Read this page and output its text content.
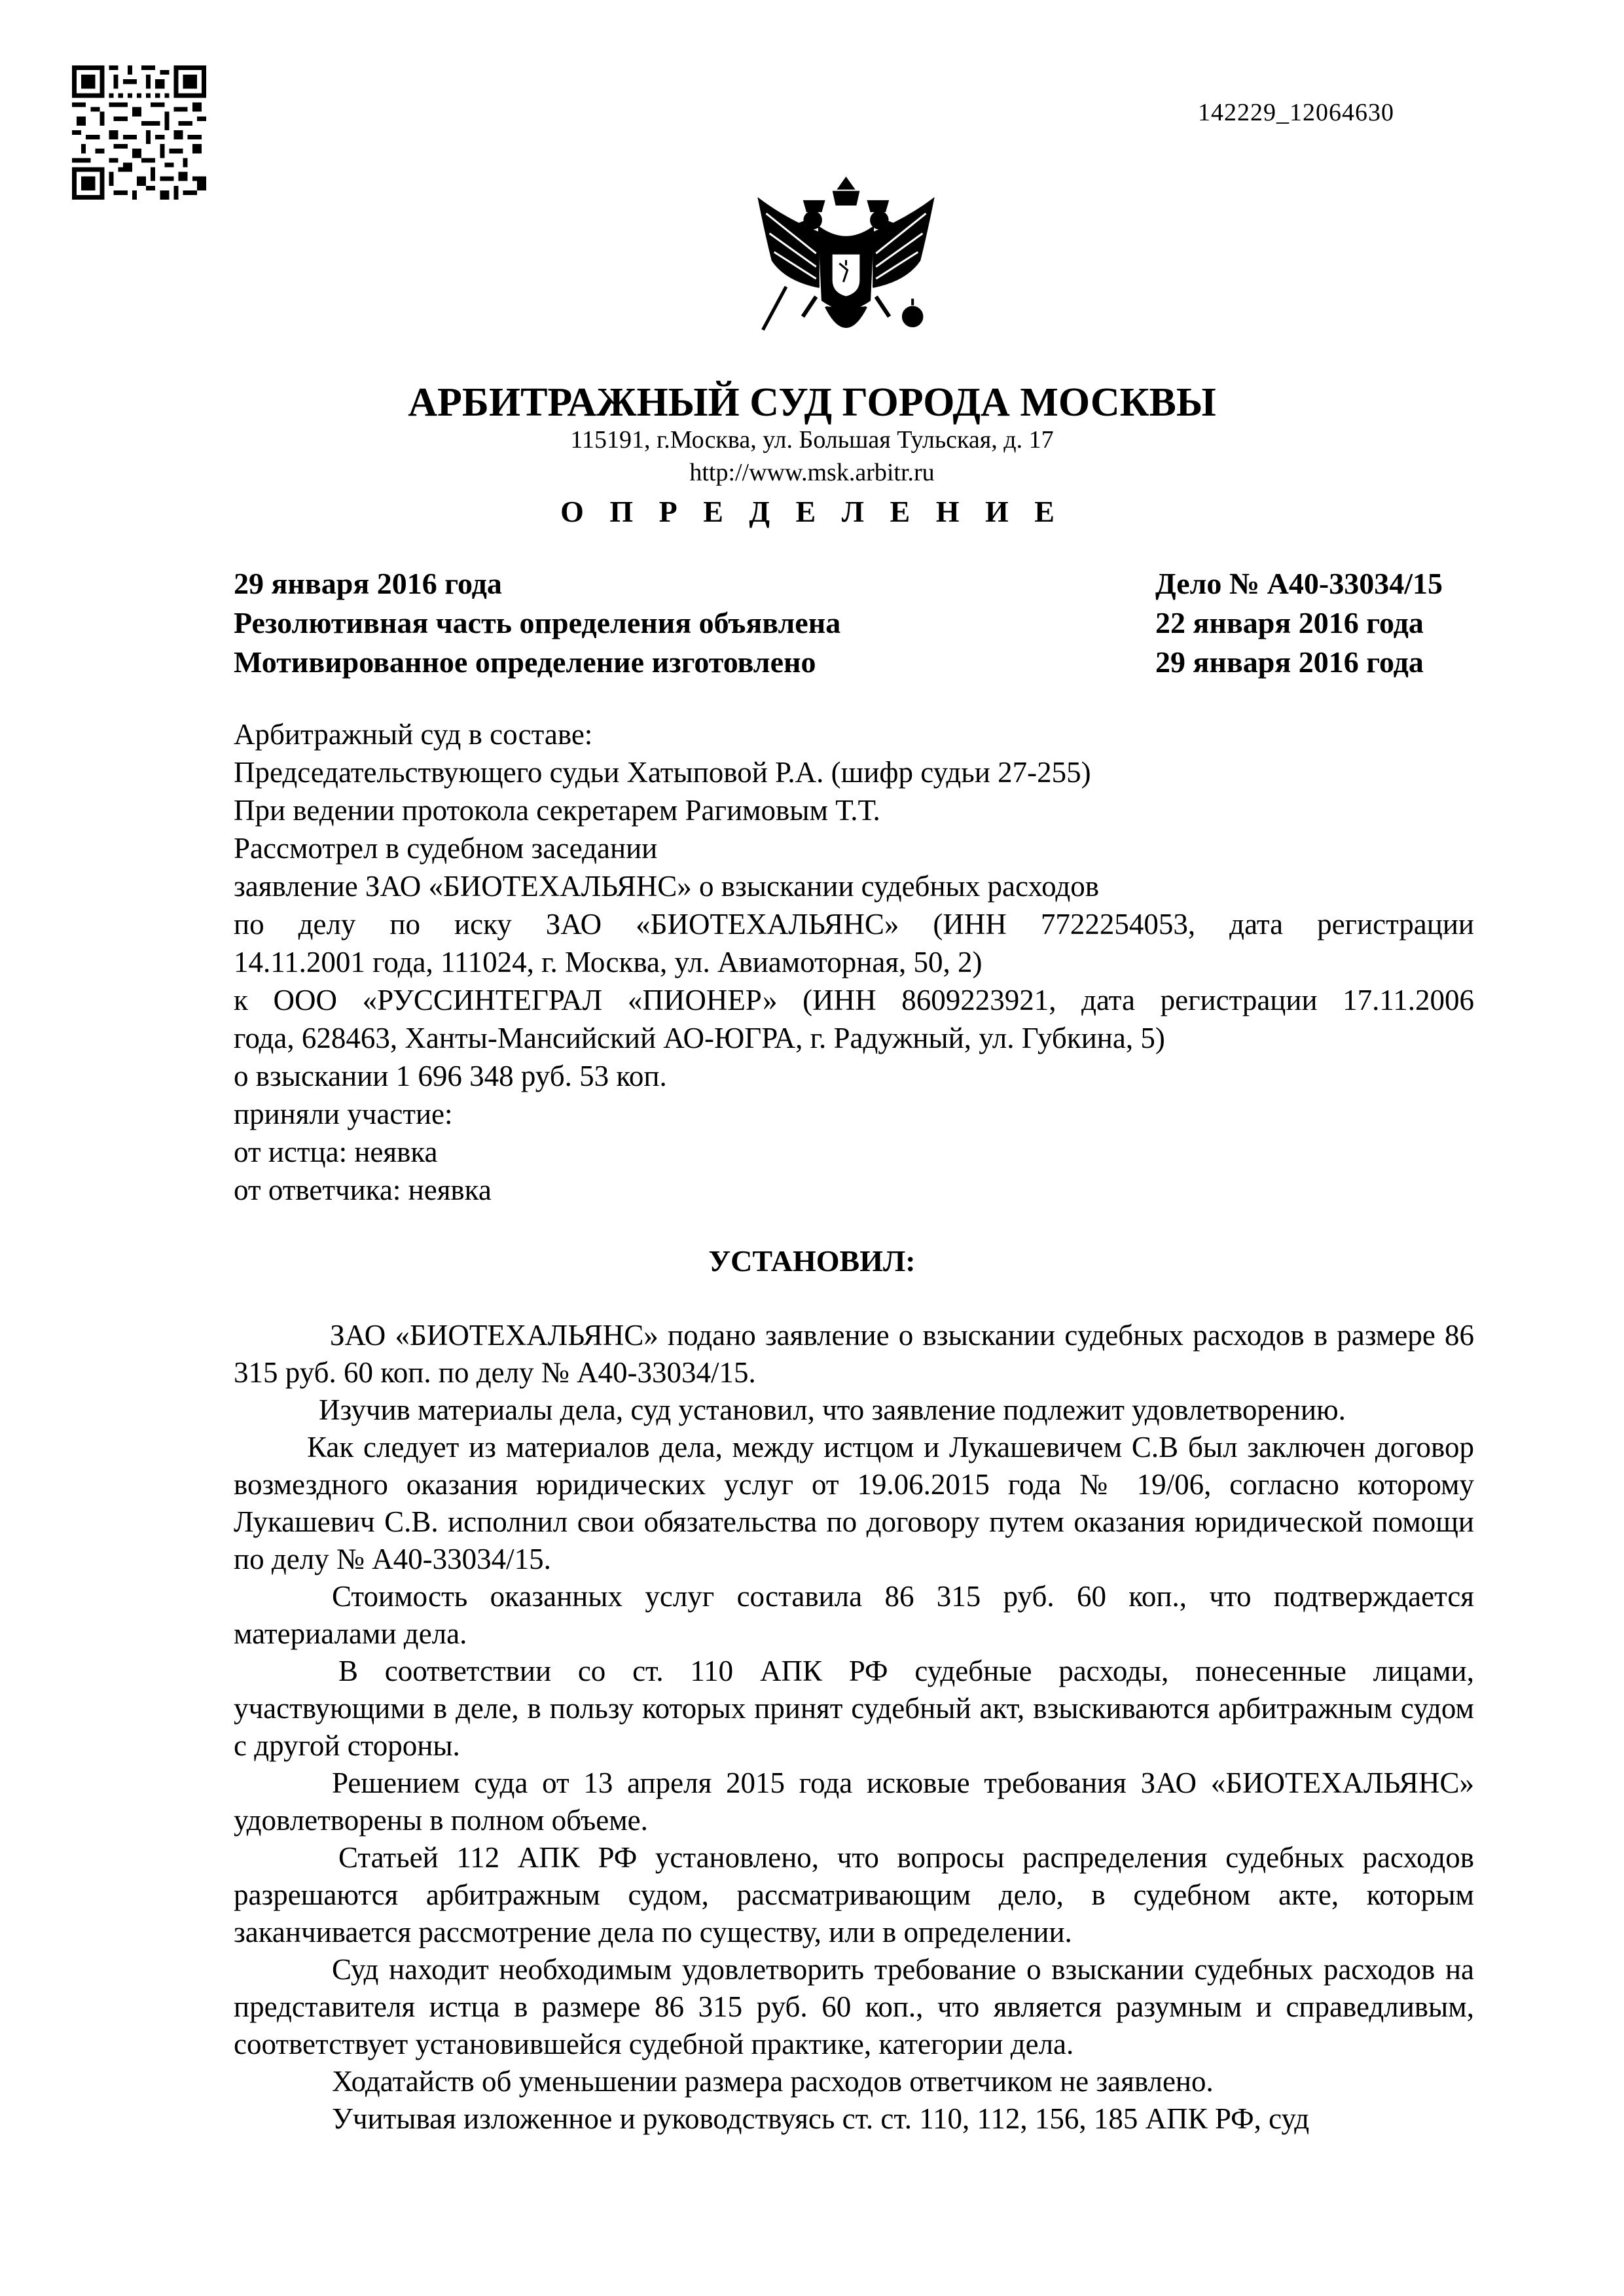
142229_12064630
АРБИТРАЖНЫЙ СУД ГОРОДА МОСКВЫ
115191, г.Москва, ул. Большая Тульская, д. 17
http://www.msk.arbitr.ru
О П Р Е Д Е Л Е Н И Е
29 января 2016 года	Дело № А40-33034/15
Резолютивная часть определения объявлена	22 января 2016 года
Мотивированное определение изготовлено	29 января 2016 года
Арбитражный суд в составе:
Председательствующего судьи Хатыповой Р.А. (шифр судьи 27-255)
При ведении протокола секретарем Рагимовым Т.Т.
Рассмотрел в судебном заседании
заявление ЗАО «БИОТЕХАЛЬЯНС» о взыскании судебных расходов
по делу по иску ЗАО «БИОТЕХАЛЬЯНС» (ИНН 7722254053, дата регистрации
14.11.2001 года, 111024, г. Москва, ул. Авиамоторная, 50, 2)
к ООО «РУССИНТЕГРАЛ «ПИОНЕР» (ИНН 8609223921, дата регистрации 17.11.2006
года, 628463, Ханты-Мансийский АО-ЮГРА, г. Радужный, ул. Губкина, 5)
о взыскании 1 696 348 руб. 53 коп.
приняли участие:
от истца: неявка
от ответчика: неявка
УСТАНОВИЛ:

ЗАО «БИОТЕХАЛЬЯНС» подано заявление о взыскании судебных расходов в размере 86 315 руб. 60 коп. по делу № А40-33034/15.

Изучив материалы дела, суд установил, что заявление подлежит удовлетворению.

Как следует из материалов дела, между истцом и Лукашевичем С.В был заключен договор возмездного оказания юридических услуг от 19.06.2015 года № 19/06, согласно которому Лукашевич С.В. исполнил свои обязательства по договору путем оказания юридической помощи по делу № А40-33034/15.

Стоимость оказанных услуг составила 86 315 руб. 60 коп., что подтверждается материалами дела.

В соответствии со ст. 110 АПК РФ судебные расходы, понесенные лицами, участвующими в деле, в пользу которых принят судебный акт, взыскиваются арбитражным судом с другой стороны.

Решением суда от 13 апреля 2015 года исковые требования ЗАО «БИОТЕХАЛЬЯНС» удовлетворены в полном объеме.

Статьей 112 АПК РФ установлено, что вопросы распределения судебных расходов разрешаются арбитражным судом, рассматривающим дело, в судебном акте, которым заканчивается рассмотрение дела по существу, или в определении.

Суд находит необходимым удовлетворить требование о взыскании судебных расходов на представителя истца в размере 86 315 руб. 60 коп., что является разумным и справедливым, соответствует установившейся судебной практике, категории дела.

Ходатайств об уменьшении размера расходов ответчиком не заявлено.

Учитывая изложенное и руководствуясь ст. ст. 110, 112, 156, 185 АПК РФ, суд
